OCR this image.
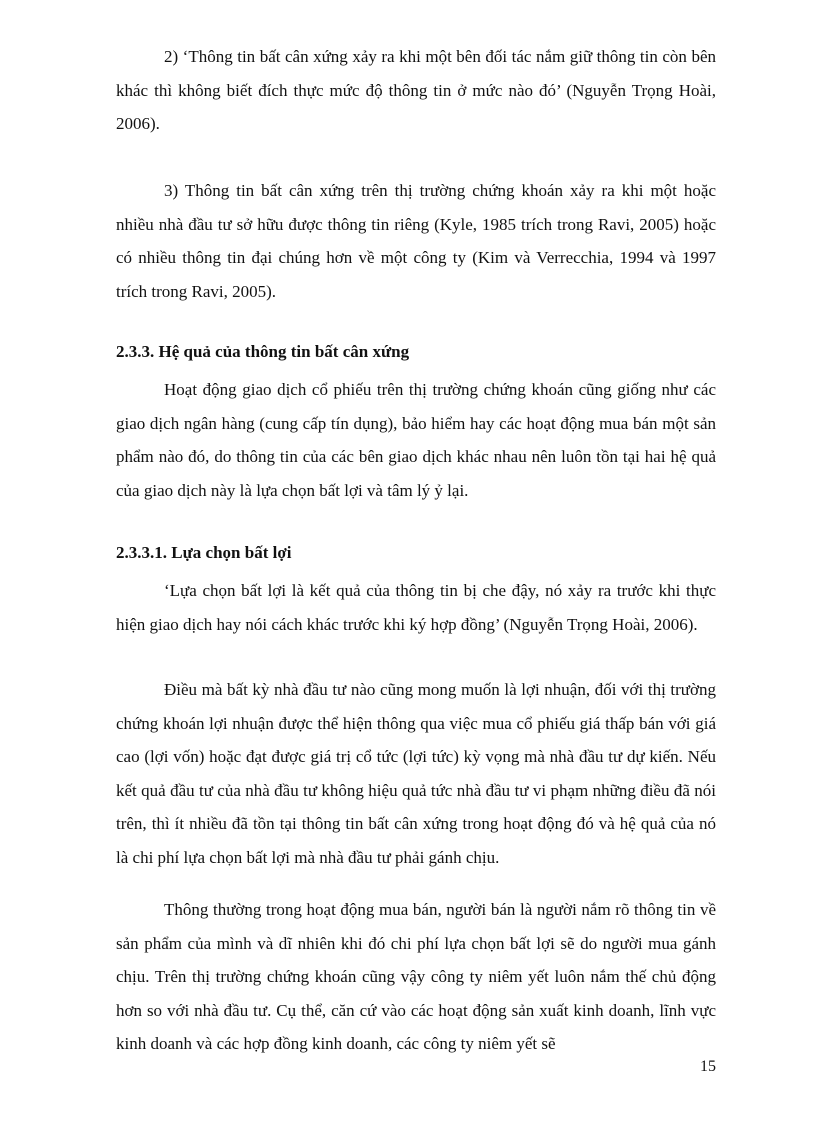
2) ‘Thông tin bất cân xứng xảy ra khi một bên đối tác nắm giữ thông tin còn bên khác thì không biết đích thực mức độ thông tin ở mức nào đó’ (Nguyễn Trọng Hoài, 2006).

3) Thông tin bất cân xứng trên thị trường chứng khoán xảy ra khi một hoặc nhiều nhà đầu tư sở hữu được thông tin riêng (Kyle, 1985 trích trong Ravi, 2005) hoặc có nhiều thông tin đại chúng hơn về một công ty (Kim và Verrecchia, 1994 và 1997 trích trong Ravi, 2005).

2.3.3. Hệ quả của thông tin bất cân xứng

Hoạt động giao dịch cổ phiếu trên thị trường chứng khoán cũng giống như các giao dịch ngân hàng (cung cấp tín dụng), bảo hiểm hay các hoạt động mua bán một sản phẩm nào đó, do thông tin của các bên giao dịch khác nhau nên luôn tồn tại hai hệ quả của giao dịch này là lựa chọn bất lợi và tâm lý ỷ lại.

2.3.3.1. Lựa chọn bất lợi

‘Lựa chọn bất lợi là kết quả của thông tin bị che đậy, nó xảy ra trước khi thực hiện giao dịch hay nói cách khác trước khi ký hợp đồng’ (Nguyễn Trọng Hoài, 2006).

Điều mà bất kỳ nhà đầu tư nào cũng mong muốn là lợi nhuận, đối với thị trường chứng khoán lợi nhuận được thể hiện thông qua việc mua cổ phiếu giá thấp bán với giá cao (lợi vốn) hoặc đạt được giá trị cổ tức (lợi tức) kỳ vọng mà nhà đầu tư dự kiến. Nếu kết quả đầu tư của nhà đầu tư không hiệu quả tức nhà đầu tư vi phạm những điều đã nói trên, thì ít nhiều đã tồn tại thông tin bất cân xứng trong hoạt động đó và hệ quả của nó là chi phí lựa chọn bất lợi mà nhà đầu tư phải gánh chịu.

Thông thường trong hoạt động mua bán, người bán là người nắm rõ thông tin về sản phẩm của mình và dĩ nhiên khi đó chi phí lựa chọn bất lợi sẽ do người mua gánh chịu. Trên thị trường chứng khoán cũng vậy công ty niêm yết luôn nắm thế chủ động hơn so với nhà đầu tư. Cụ thể, căn cứ vào các hoạt động sản xuất kinh doanh, lĩnh vực kinh doanh và các hợp đồng kinh doanh, các công ty niêm yết sẽ

15
